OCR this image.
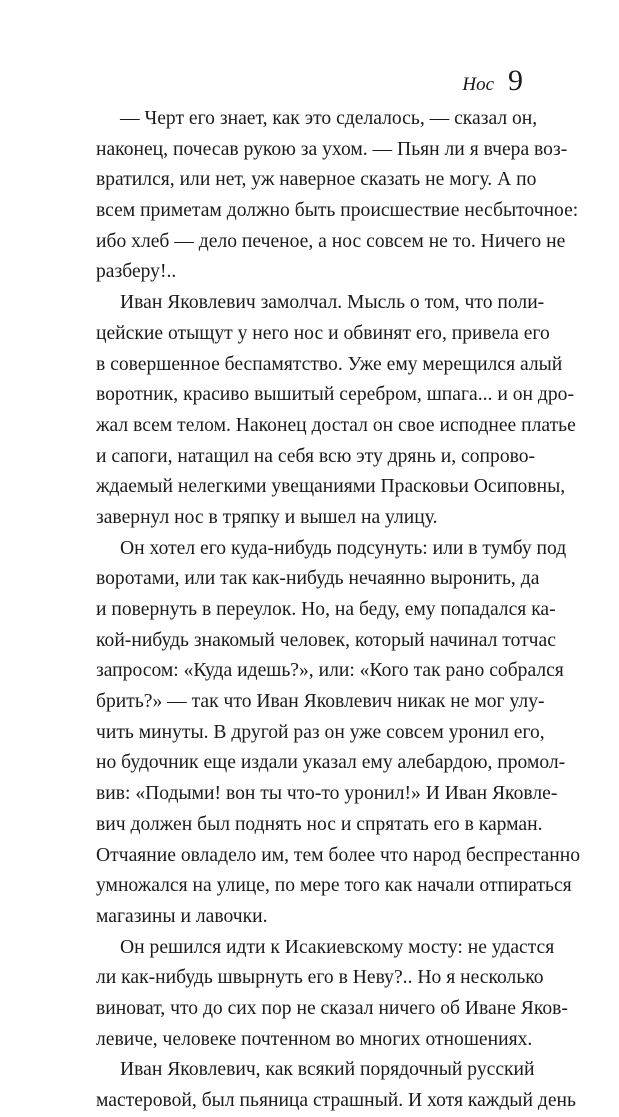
Нос 9
— Черт его знает, как это сделалось, — сказал он,
наконец, почесав рукою за ухом. — Пьян ли я вчера воз-
вратился, или нет, уж наверное сказать не могу. А по
всем приметам должно быть происшествие несбыточное:
ибо хлеб — дело печеное, а нос совсем не то. Ничего не
разберу!..
Иван Яковлевич замолчал. Мысль о том, что поли-
цейские отыщут у него нос и обвинят его, привела его
в совершенное беспамятство. Уже ему мерещился алый
воротник, красиво вышитый серебром, шпага... и он дро-
жал всем телом. Наконец достал он свое исподнее платье
и сапоги, натащил на себя всю эту дрянь и, сопрово-
ждаемый нелегкими увещаниями Прасковьи Осиповны,
завернул нос в тряпку и вышел на улицу.
Он хотел его куда-нибудь подсунуть: или в тумбу под
воротами, или так как-нибудь нечаянно выронить, да
и повернуть в переулок. Но, на беду, ему попадался ка-
кой-нибудь знакомый человек, который начинал тотчас
запросом: «Куда идешь?», или: «Кого так рано собрался
брить?» — так что Иван Яковлевич никак не мог улу-
чить минуты. В другой раз он уже совсем уронил его,
но будочник еще издали указал ему алебардою, промол-
вив: «Подыми! вон ты что-то уронил!» И Иван Яковле-
вич должен был поднять нос и спрятать его в карман.
Отчаяние овладело им, тем более что народ беспрестанно
умножался на улице, по мере того как начали отпираться
магазины и лавочки.
Он решился идти к Исакиевскому мосту: не удастся
ли как-нибудь швырнуть его в Неву?.. Но я несколько
виноват, что до сих пор не сказал ничего об Иване Яков-
левиче, человеке почтенном во многих отношениях.
Иван Яковлевич, как всякий порядочный русский
мастеровой, был пьяница страшный. И хотя каждый день
